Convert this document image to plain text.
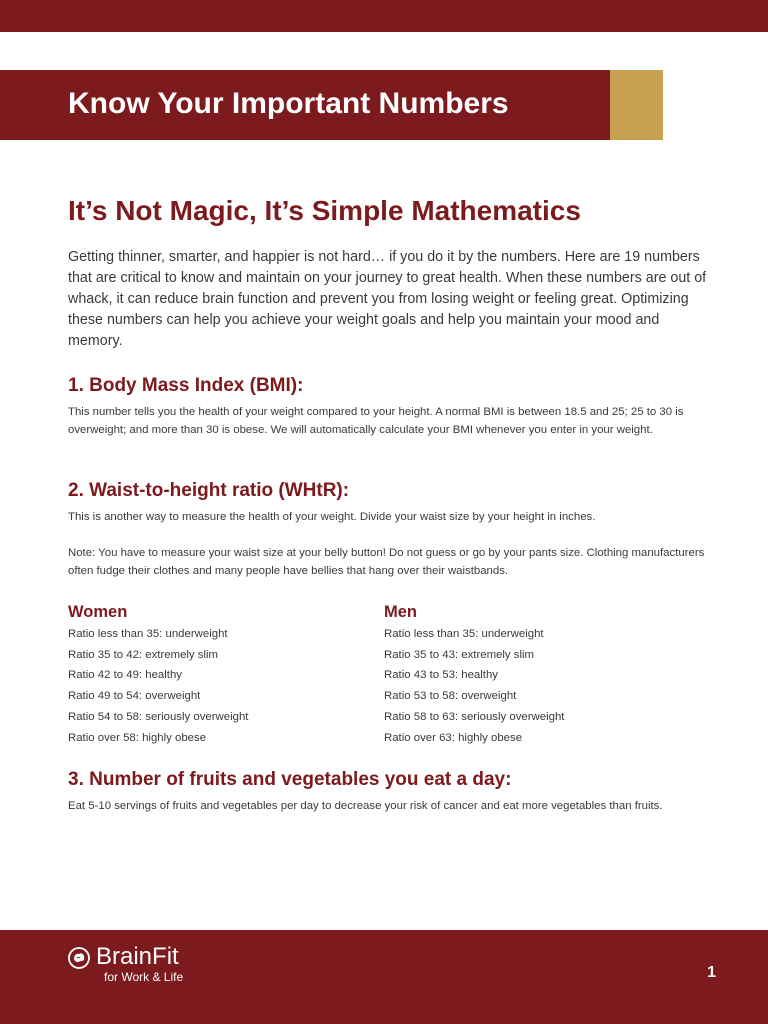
Know Your Important Numbers
It’s Not Magic, It’s Simple Mathematics

Getting thinner, smarter, and happier is not hard… if you do it by the numbers. Here are 19 numbers that are critical to know and maintain on your journey to great health. When these numbers are out of whack, it can reduce brain function and prevent you from losing weight or feeling great. Optimizing these numbers can help you achieve your weight goals and help you maintain your mood and memory.

1. Body Mass Index (BMI):

This number tells you the health of your weight compared to your height. A normal BMI is between 18.5 and 25; 25 to 30 is overweight; and more than 30 is obese. We will automatically calculate your BMI whenever you enter in your weight.

2. Waist-to-height ratio (WHtR):

This is another way to measure the health of your weight. Divide your waist size by your height in inches.

Note: You have to measure your waist size at your belly button! Do not guess or go by your pants size. Clothing manufacturers often fudge their clothes and many people have bellies that hang over their waistbands.

Women
Ratio less than 35: underweight
Ratio 35 to 42: extremely slim
Ratio 42 to 49: healthy
Ratio 49 to 54: overweight
Ratio 54 to 58: seriously overweight
Ratio over 58: highly obese
Men
Ratio less than 35: underweight
Ratio 35 to 43: extremely slim
Ratio 43 to 53: healthy
Ratio 53 to 58: overweight
Ratio 58 to 63: seriously overweight
Ratio over 63: highly obese
3. Number of fruits and vegetables you eat a day:

Eat 5-10 servings of fruits and vegetables per day to decrease your risk of cancer and eat more vegetables than fruits.

BrainFit
for Work & Life	1
